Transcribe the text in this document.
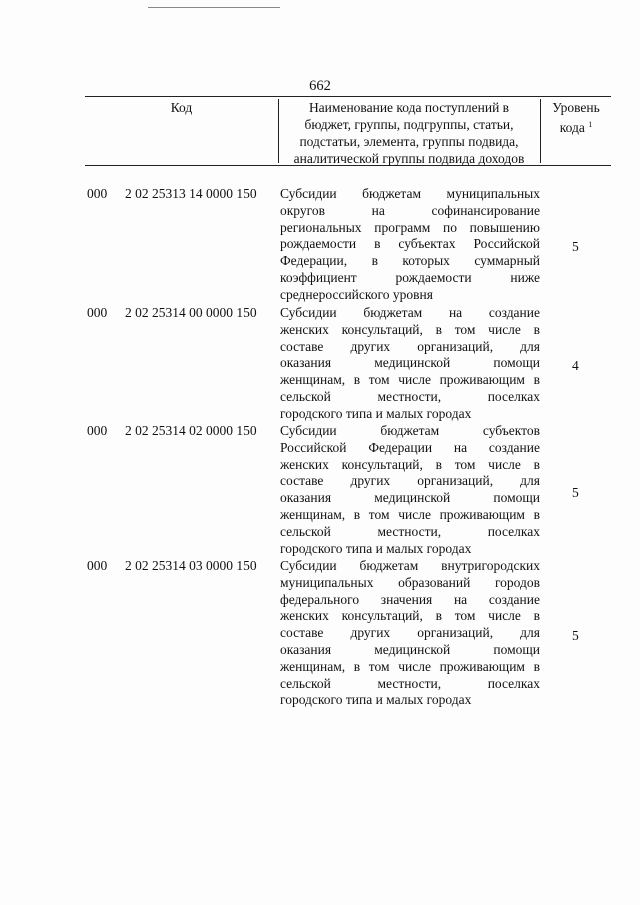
662
Код	Наименование кода поступлений в
бюджет, группы, подгруппы, статьи,
подстатьи, элемента, группы подвида,
аналитической группы подвида доходов
Уровень
кода $^1$
000 2 02 25313 14 0000 150 Субсидии бюджетам муниципальных
округов на софинансирование
региональных программ по повышению
рождаемости в субъектах Российской
Федерации, в которых суммарный
коэффициент рождаемости ниже
среднероссийского уровня
5
000 2 02 25314 00 0000 150 Субсидии бюджетам на создание
женских консультаций, в том числе в
составе других организаций, для
оказания медицинской помощи
женщинам, в том числе проживающим в
сельской местности, поселках
городского типа и малых городах
4
000 2 02 25314 02 0000 150 Субсидии бюджетам субъектов
Российской Федерации на создание
женских консультаций, в том числе в
составе других организаций, для
оказания медицинской помощи
женщинам, в том числе проживающим в
сельской местности, поселках
городского типа и малых городах
5
000 2 02 25314 03 0000 150 Субсидии бюджетам внутригородских
муниципальных образований городов
федерального значения на создание
женских консультаций, в том числе в
составе других организаций, для
оказания медицинской помощи
женщинам, в том числе проживающим в
сельской местности, поселках
городского типа и малых городах
5
